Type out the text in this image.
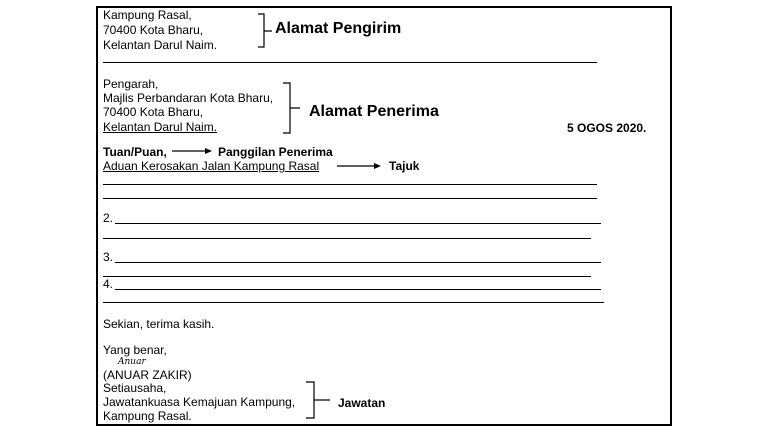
Kampung Rasal,
70400 Kota Bharu,
Kelantan Darul Naim.
Alamat Pengirim
Pengarah,
Majlis Perbandaran Kota Bharu,
70400 Kota Bharu,
Kelantan Darul Naim.
Alamat Penerima
5 OGOS 2020.
Tuan/Puan,	Panggilan Penerima
Aduan Kerosakan Jalan Kampung Rasal	Tajuk
2.
3.
4.
Sekian, terima kasih.
Yang benar,
Anuar
(ANUAR ZAKIR)
Setiausaha,
Jawatankuasa Kemajuan Kampung,
Kampung Rasal.
Jawatan
